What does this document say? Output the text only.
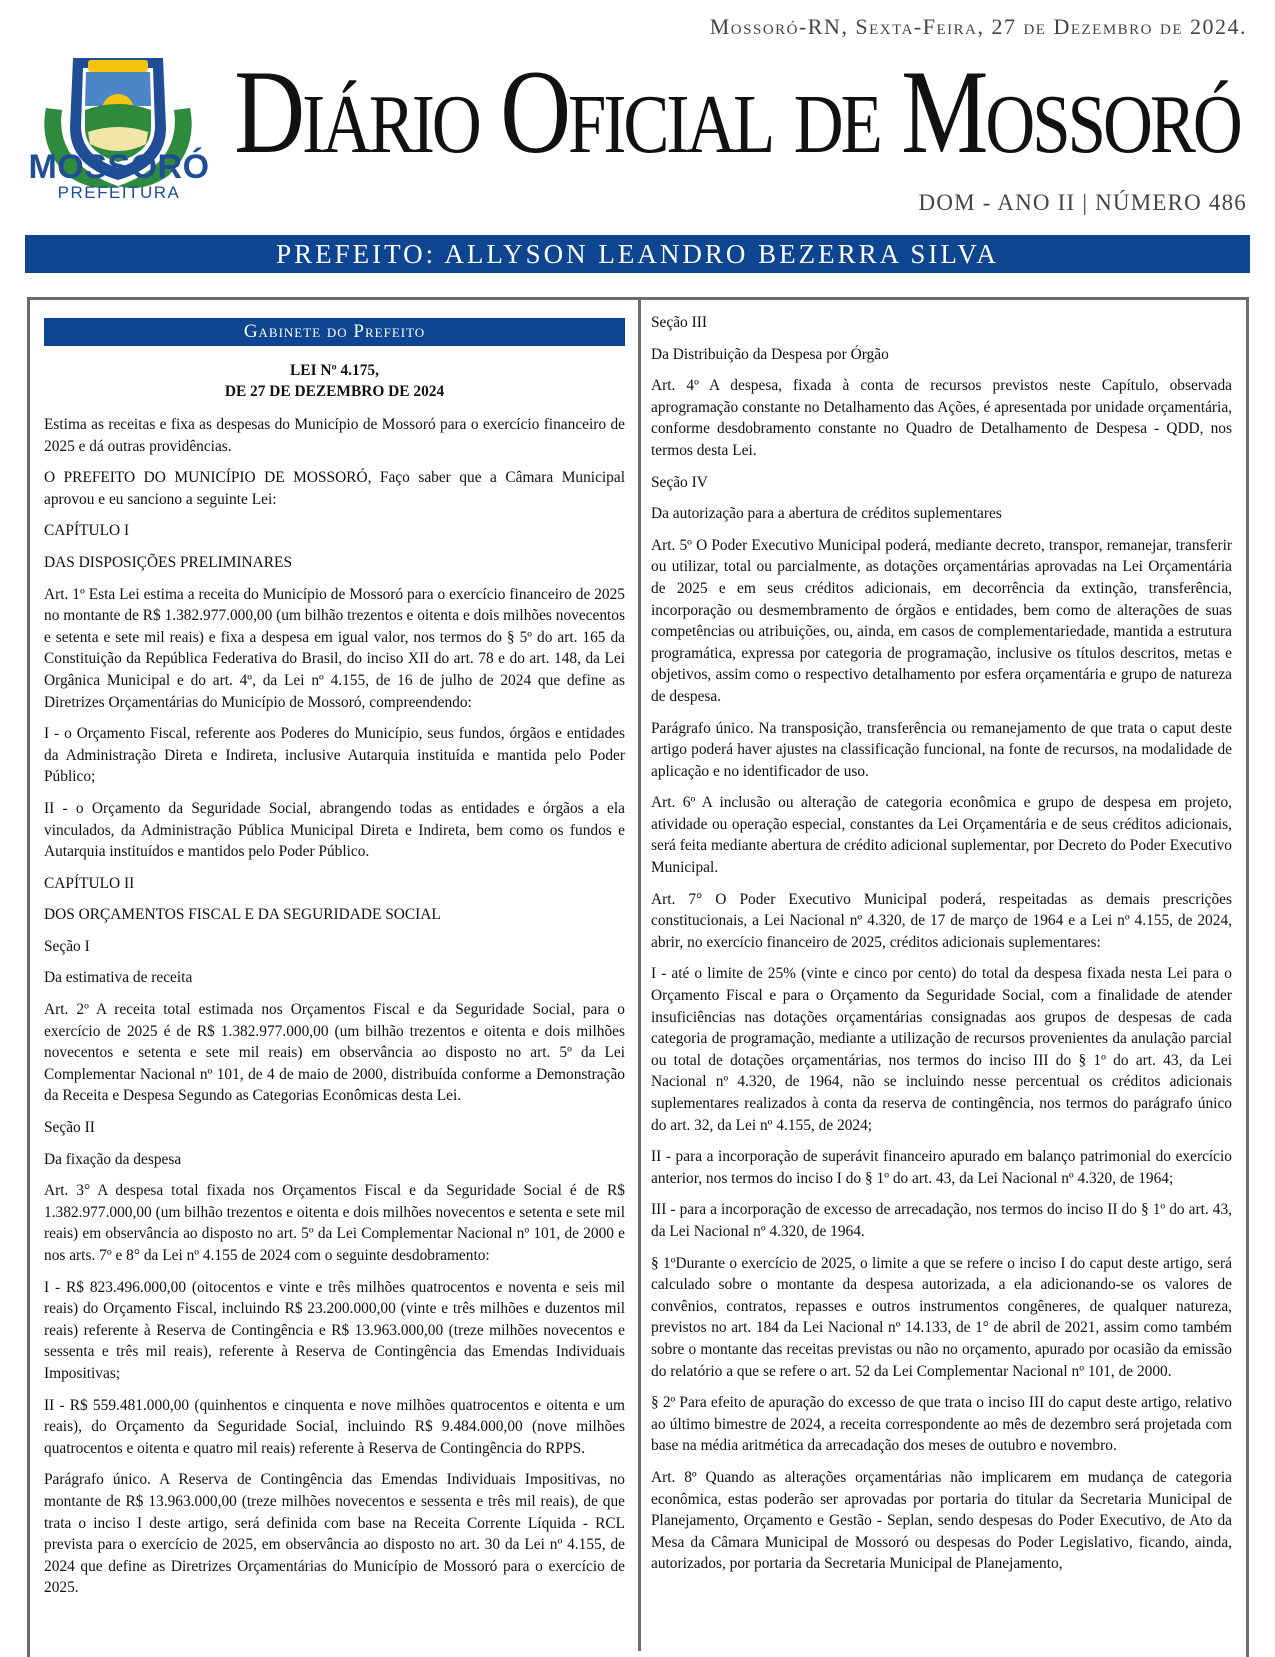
Mossoró-RN, Sexta-Feira, 27 de Dezembro de 2024.
MOSSORÓ
PREFEITURA
Diário Oficial de Mossoró
DOM - ANO II | NÚMERO 486
PREFEITO: ALLYSON LEANDRO BEZERRA SILVA
Gabinete do Prefeito
LEI Nº 4.175,
DE 27 DE DEZEMBRO DE 2024

Estima as receitas e fixa as despesas do Município de Mossoró para o exercício financeiro de 2025 e dá outras providências.

O PREFEITO DO MUNICÍPIO DE MOSSORÓ, Faço saber que a Câmara Municipal aprovou e eu sanciono a seguinte Lei:

CAPÍTULO I

DAS DISPOSIÇÕES PRELIMINARES

Art. 1º Esta Lei estima a receita do Município de Mossoró para o exercício financeiro de 2025 no montante de R$ 1.382.977.000,00 (um bilhão trezentos e oitenta e dois milhões novecentos e setenta e sete mil reais) e fixa a despesa em igual valor, nos termos do § 5º do art. 165 da Constituição da República Federativa do Brasil, do inciso XII do art. 78 e do art. 148, da Lei Orgânica Municipal e do art. 4º, da Lei nº 4.155, de 16 de julho de 2024 que define as Diretrizes Orçamentárias do Município de Mossoró, compreendendo:

I - o Orçamento Fiscal, referente aos Poderes do Município, seus fundos, órgãos e entidades da Administração Direta e Indireta, inclusive Autarquia instituída e mantida pelo Poder Público;

II - o Orçamento da Seguridade Social, abrangendo todas as entidades e órgãos a ela vinculados, da Administração Pública Municipal Direta e Indireta, bem como os fundos e Autarquia instituídos e mantidos pelo Poder Público.

CAPÍTULO II

DOS ORÇAMENTOS FISCAL E DA SEGURIDADE SOCIAL

Seção I

Da estimativa de receita

Art. 2º A receita total estimada nos Orçamentos Fiscal e da Seguridade Social, para o exercício de 2025 é de R$ 1.382.977.000,00 (um bilhão trezentos e oitenta e dois milhões novecentos e setenta e sete mil reais) em observância ao disposto no art. 5º da Lei Complementar Nacional nº 101, de 4 de maio de 2000, distribuída conforme a Demonstração da Receita e Despesa Segundo as Categorias Econômicas desta Lei.

Seção II

Da fixação da despesa

Art. 3° A despesa total fixada nos Orçamentos Fiscal e da Seguridade Social é de R$ 1.382.977.000,00 (um bilhão trezentos e oitenta e dois milhões novecentos e setenta e sete mil reais) em observância ao disposto no art. 5º da Lei Complementar Nacional nº 101, de 2000 e nos arts. 7º e 8° da Lei nº 4.155 de 2024 com o seguinte desdobramento:

I - R$ 823.496.000,00 (oitocentos e vinte e três milhões quatrocentos e noventa e seis mil reais) do Orçamento Fiscal, incluindo R$ 23.200.000,00 (vinte e três milhões e duzentos mil reais) referente à Reserva de Contingência e R$ 13.963.000,00 (treze milhões novecentos e sessenta e três mil reais), referente à Reserva de Contingência das Emendas Individuais Impositivas;

II - R$ 559.481.000,00 (quinhentos e cinquenta e nove milhões quatrocentos e oitenta e um reais), do Orçamento da Seguridade Social, incluindo R$ 9.484.000,00 (nove milhões quatrocentos e oitenta e quatro mil reais) referente à Reserva de Contingência do RPPS.

Parágrafo único. A Reserva de Contingência das Emendas Individuais Impositivas, no montante de R$ 13.963.000,00 (treze milhões novecentos e sessenta e três mil reais), de que trata o inciso I deste artigo, será definida com base na Receita Corrente Líquida - RCL prevista para o exercício de 2025, em observância ao disposto no art. 30 da Lei nº 4.155, de 2024 que define as Diretrizes Orçamentárias do Município de Mossoró para o exercício de 2025.

Seção III

Da Distribuição da Despesa por Órgão

Art. 4º A despesa, fixada à conta de recursos previstos neste Capítulo, observada aprogramação constante no Detalhamento das Ações, é apresentada por unidade orçamentária, conforme desdobramento constante no Quadro de Detalhamento de Despesa - QDD, nos termos desta Lei.

Seção IV

Da autorização para a abertura de créditos suplementares

Art. 5º O Poder Executivo Municipal poderá, mediante decreto, transpor, remanejar, transferir ou utilizar, total ou parcialmente, as dotações orçamentárias aprovadas na Lei Orçamentária de 2025 e em seus créditos adicionais, em decorrência da extinção, transferência, incorporação ou desmembramento de órgãos e entidades, bem como de alterações de suas competências ou atribuições, ou, ainda, em casos de complementariedade, mantida a estrutura programática, expressa por categoria de programação, inclusive os títulos descritos, metas e objetivos, assim como o respectivo detalhamento por esfera orçamentária e grupo de natureza de despesa.

Parágrafo único. Na transposição, transferência ou remanejamento de que trata o caput deste artigo poderá haver ajustes na classificação funcional, na fonte de recursos, na modalidade de aplicação e no identificador de uso.

Art. 6º A inclusão ou alteração de categoria econômica e grupo de despesa em projeto, atividade ou operação especial, constantes da Lei Orçamentária e de seus créditos adicionais, será feita mediante abertura de crédito adicional suplementar, por Decreto do Poder Executivo Municipal.

Art. 7° O Poder Executivo Municipal poderá, respeitadas as demais prescrições constitucionais, a Lei Nacional nº 4.320, de 17 de março de 1964 e a Lei nº 4.155, de 2024, abrir, no exercício financeiro de 2025, créditos adicionais suplementares:

I - até o limite de 25% (vinte e cinco por cento) do total da despesa fixada nesta Lei para o Orçamento Fiscal e para o Orçamento da Seguridade Social, com a finalidade de atender insuficiências nas dotações orçamentárias consignadas aos grupos de despesas de cada categoria de programação, mediante a utilização de recursos provenientes da anulação parcial ou total de dotações orçamentárias, nos termos do inciso III do § 1º do art. 43, da Lei Nacional nº 4.320, de 1964, não se incluindo nesse percentual os créditos adicionais suplementares realizados à conta da reserva de contingência, nos termos do parágrafo único do art. 32, da Lei nº 4.155, de 2024;

II - para a incorporação de superávit financeiro apurado em balanço patrimonial do exercício anterior, nos termos do inciso I do § 1º do art. 43, da Lei Nacional nº 4.320, de 1964;

III - para a incorporação de excesso de arrecadação, nos termos do inciso II do § 1º do art. 43, da Lei Nacional nº 4.320, de 1964.

§ 1ºDurante o exercício de 2025, o limite a que se refere o inciso I do caput deste artigo, será calculado sobre o montante da despesa autorizada, a ela adicionando-se os valores de convênios, contratos, repasses e outros instrumentos congêneres, de qualquer natureza, previstos no art. 184 da Lei Nacional nº 14.133, de 1° de abril de 2021, assim como também sobre o montante das receitas previstas ou não no orçamento, apurado por ocasião da emissão do relatório a que se refere o art. 52 da Lei Complementar Nacional nº 101, de 2000.

§ 2º Para efeito de apuração do excesso de que trata o inciso III do caput deste artigo, relativo ao último bimestre de 2024, a receita correspondente ao mês de dezembro será projetada com base na média aritmética da arrecadação dos meses de outubro e novembro.

Art. 8º Quando as alterações orçamentárias não implicarem em mudança de categoria econômica, estas poderão ser aprovadas por portaria do titular da Secretaria Municipal de Planejamento, Orçamento e Gestão - Seplan, sendo despesas do Poder Executivo, de Ato da Mesa da Câmara Municipal de Mossoró ou despesas do Poder Legislativo, ficando, ainda, autorizados, por portaria da Secretaria Municipal de Planejamento,
